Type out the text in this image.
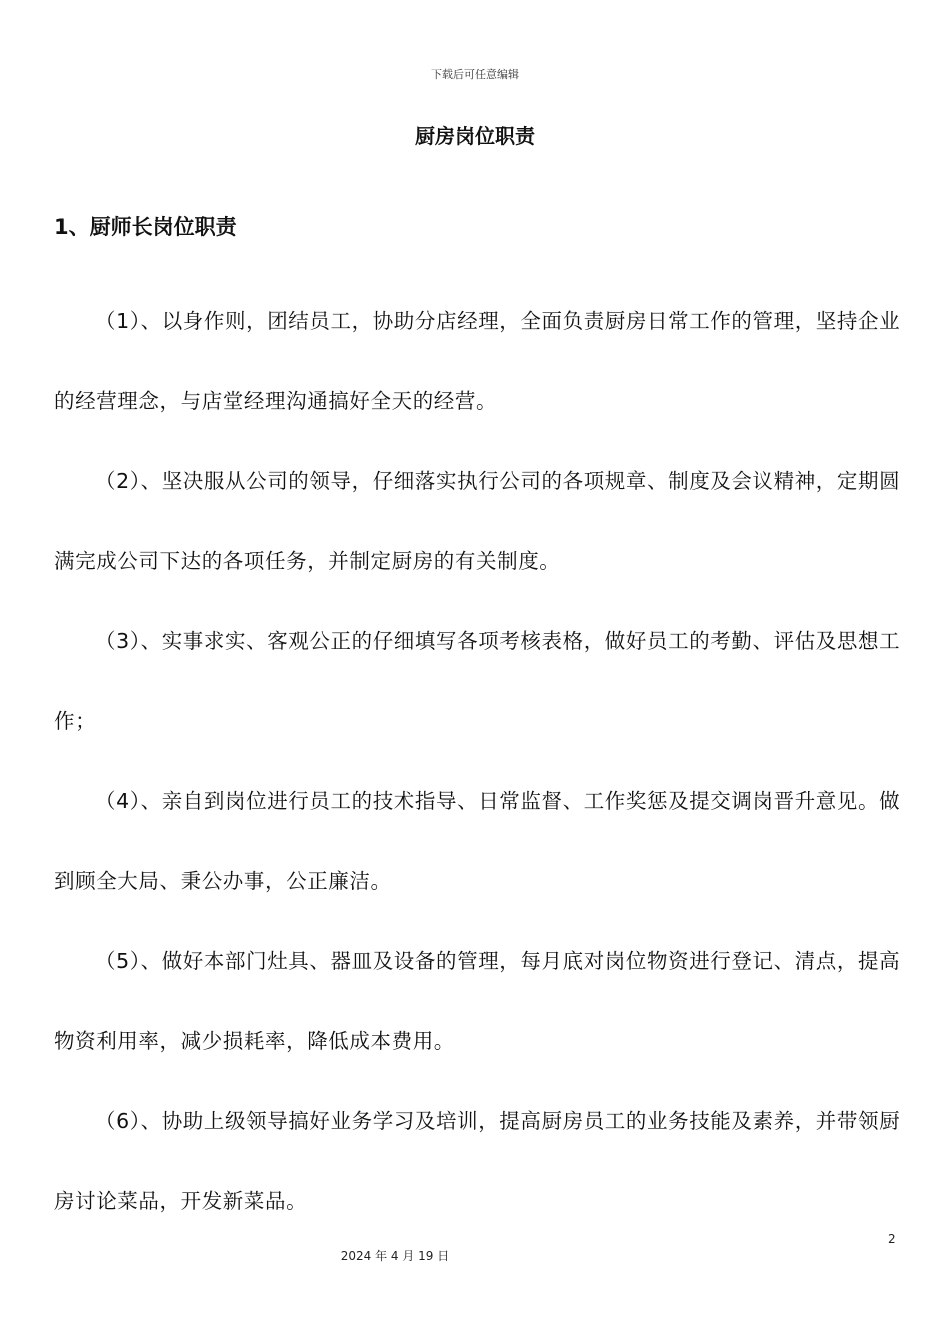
下载后可任意编辑
厨房岗位职责
1、厨师长岗位职责

（1）、以身作则，团结员工，协助分店经理，全面负责厨房日常工作的管理，坚持企业的经营理念，与店堂经理沟通搞好全天的经营。

（2）、坚决服从公司的领导，仔细落实执行公司的各项规章、制度及会议精神，定期圆满完成公司下达的各项任务，并制定厨房的有关制度。

（3）、实事求实、客观公正的仔细填写各项考核表格，做好员工的考勤、评估及思想工作；

（4）、亲自到岗位进行员工的技术指导、日常监督、工作奖惩及提交调岗晋升意见。做到顾全大局、秉公办事，公正廉洁。

（5）、做好本部门灶具、器皿及设备的管理，每月底对岗位物资进行登记、清点，提高物资利用率，减少损耗率，降低成本费用。

（6）、协助上级领导搞好业务学习及培训，提高厨房员工的业务技能及素养，并带领厨房讨论菜品，开发新菜品。

2
2024 年 4 月 19 日
